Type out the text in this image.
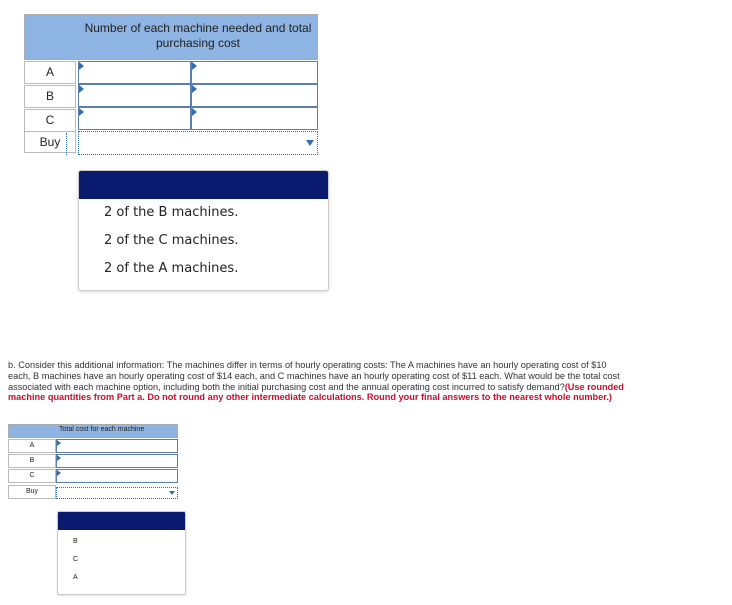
Number of each machine needed and total purchasing cost
A
B
C
Buy
2 of the B machines.
2 of the C machines.
2 of the A machines.
b. Consider this additional information: The machines differ in terms of hourly operating costs: The A machines have an hourly operating cost of $10 each, B machines have an hourly operating cost of $14 each, and C machines have an hourly operating cost of $11 each. What would be the total cost associated with each machine option, including both the initial purchasing cost and the annual operating cost incurred to satisfy demand?(Use rounded machine quantities from Part a. Do not round any other intermediate calculations. Round your final answers to the nearest whole number.)
Total cost for each machine
A
B
C
Buy
B
C
A
